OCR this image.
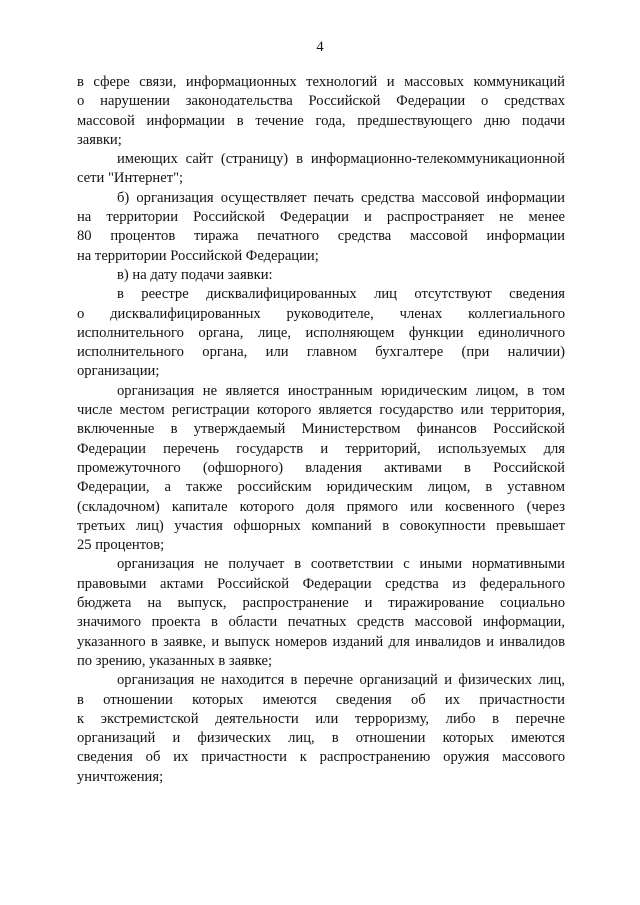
4
в сфере связи, информационных технологий и массовых коммуникаций
о нарушении законодательства Российской Федерации о средствах
массовой информации в течение года, предшествующего дню подачи
заявки;
имеющих сайт (страницу) в информационно-телекоммуникационной
сети "Интернет";
б) организация осуществляет печать средства массовой информации
на территории Российской Федерации и распространяет не менее
80 процентов тиража печатного средства массовой информации
на территории Российской Федерации;
в) на дату подачи заявки:
в реестре дисквалифицированных лиц отсутствуют сведения
о дисквалифицированных руководителе, членах коллегиального
исполнительного органа, лице, исполняющем функции единоличного
исполнительного органа, или главном бухгалтере (при наличии)
организации;
организация не является иностранным юридическим лицом, в том
числе местом регистрации которого является государство или территория,
включенные в утверждаемый Министерством финансов Российской
Федерации перечень государств и территорий, используемых для
промежуточного (офшорного) владения активами в Российской
Федерации, а также российским юридическим лицом, в уставном
(складочном) капитале которого доля прямого или косвенного (через
третьих лиц) участия офшорных компаний в совокупности превышает
25 процентов;
организация не получает в соответствии с иными нормативными
правовыми актами Российской Федерации средства из федерального
бюджета на выпуск, распространение и тиражирование социально
значимого проекта в области печатных средств массовой информации,
указанного в заявке, и выпуск номеров изданий для инвалидов и инвалидов
по зрению, указанных в заявке;
организация не находится в перечне организаций и физических лиц,
в отношении которых имеются сведения об их причастности
к экстремистской деятельности или терроризму, либо в перечне
организаций и физических лиц, в отношении которых имеются
сведения об их причастности к распространению оружия массового
уничтожения;
